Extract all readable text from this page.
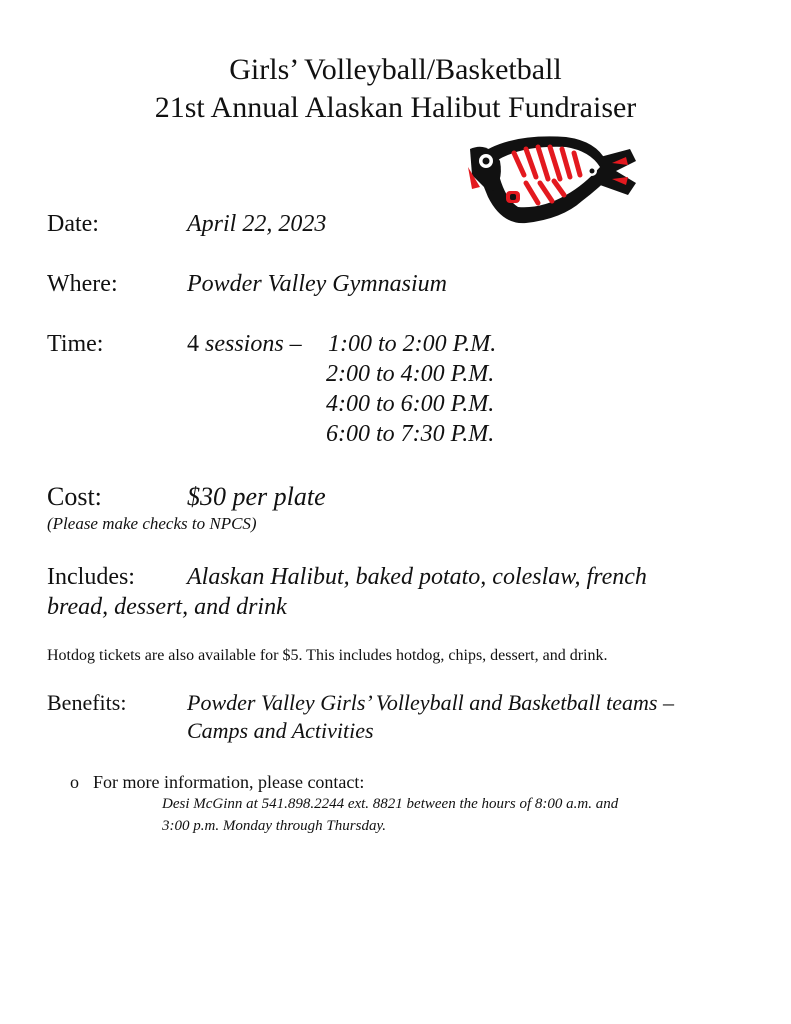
Girls’ Volleyball/Basketball
21st Annual Alaskan Halibut Fundraiser
Date:	April 22, 2023
Where:	Powder Valley Gymnasium
Time:	4 sessions – 1:00 to 2:00 P.M.
2:00 to 4:00 P.M.
4:00 to 6:00 P.M.
6:00 to 7:30 P.M.
Cost:	$30 per plate
(Please make checks to NPCS)
Includes: Alaskan Halibut, baked potato, coleslaw, french
bread, dessert, and drink
Hotdog tickets are also available for $5. This includes hotdog, chips, dessert, and drink.
Benefits:	Powder Valley Girls’ Volleyball and Basketball teams –
Camps and Activities
o For more information, please contact:
Desi McGinn at 541.898.2244 ext. 8821 between the hours of 8:00 a.m. and
3:00 p.m. Monday through Thursday.
